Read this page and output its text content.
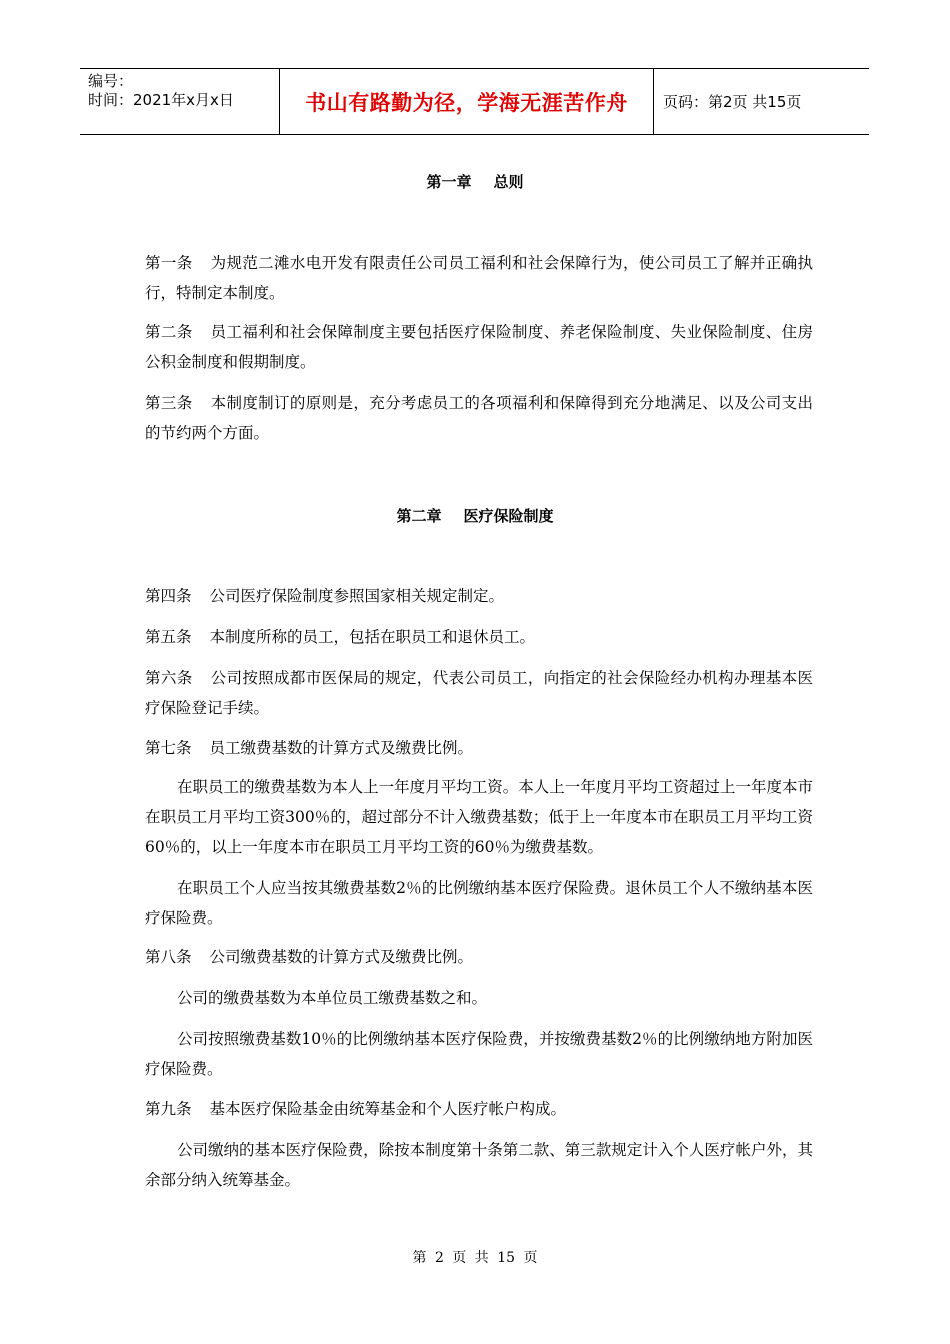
编号：
时间：2021年x月x日	书山有路勤为径，学海无涯苦作舟	页码：第2页 共15页
第一章 总则

第一条 为规范二滩水电开发有限责任公司员工福利和社会保障行为，使公司员工了解并正确执行，特制定本制度。

第二条 员工福利和社会保障制度主要包括医疗保险制度、养老保险制度、失业保险制度、住房公积金制度和假期制度。

第三条 本制度制订的原则是，充分考虑员工的各项福利和保障得到充分地满足、以及公司支出的节约两个方面。

第二章 医疗保险制度

第四条 公司医疗保险制度参照国家相关规定制定。

第五条 本制度所称的员工，包括在职员工和退休员工。

第六条 公司按照成都市医保局的规定，代表公司员工，向指定的社会保险经办机构办理基本医疗保险登记手续。

第七条 员工缴费基数的计算方式及缴费比例。

在职员工的缴费基数为本人上一年度月平均工资。本人上一年度月平均工资超过上一年度本市在职员工月平均工资300％的，超过部分不计入缴费基数；低于上一年度本市在职员工月平均工资60％的，以上一年度本市在职员工月平均工资的60％为缴费基数。

在职员工个人应当按其缴费基数2％的比例缴纳基本医疗保险费。退休员工个人不缴纳基本医疗保险费。

第八条 公司缴费基数的计算方式及缴费比例。

公司的缴费基数为本单位员工缴费基数之和。

公司按照缴费基数10％的比例缴纳基本医疗保险费，并按缴费基数2％的比例缴纳地方附加医疗保险费。

第九条 基本医疗保险基金由统筹基金和个人医疗帐户构成。

公司缴纳的基本医疗保险费，除按本制度第十条第二款、第三款规定计入个人医疗帐户外，其余部分纳入统筹基金。

第 2 页 共 15 页
